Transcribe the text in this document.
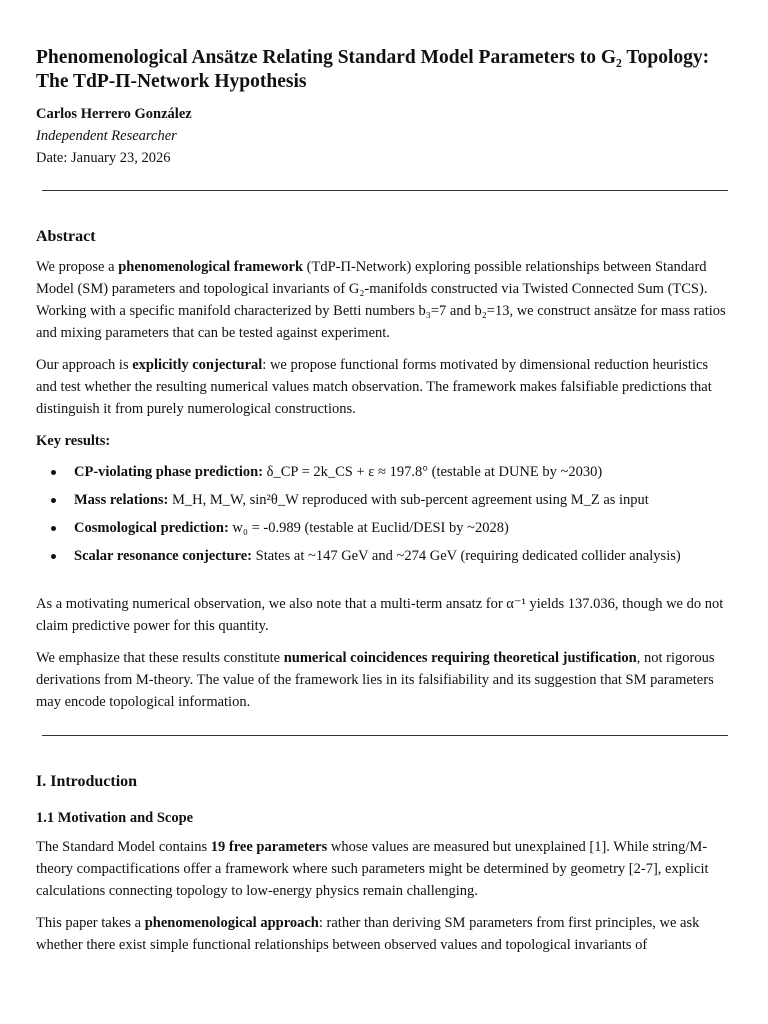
Phenomenological Ansätze Relating Standard Model Parameters to G₂ Topology: The TdP-Π-Network Hypothesis
Carlos Herrero González
Independent Researcher
Date: January 23, 2026
Abstract

We propose a phenomenological framework (TdP-Π-Network) exploring possible relationships between Standard Model (SM) parameters and topological invariants of G₂-manifolds constructed via Twisted Connected Sum (TCS). Working with a specific manifold characterized by Betti numbers b₃=7 and b₂=13, we construct ansätze for mass ratios and mixing parameters that can be tested against experiment.

Our approach is explicitly conjectural: we propose functional forms motivated by dimensional reduction heuristics and test whether the resulting numerical values match observation. The framework makes falsifiable predictions that distinguish it from purely numerological constructions.

Key results:

CP-violating phase prediction: δ_CP = 2k_CS + ε ≈ 197.8° (testable at DUNE by ~2030)
Mass relations: M_H, M_W, sin²θ_W reproduced with sub-percent agreement using M_Z as input
Cosmological prediction: w₀ = -0.989 (testable at Euclid/DESI by ~2028)
Scalar resonance conjecture: States at ~147 GeV and ~274 GeV (requiring dedicated collider analysis)

As a motivating numerical observation, we also note that a multi-term ansatz for α⁻¹ yields 137.036, though we do not claim predictive power for this quantity.

We emphasize that these results constitute numerical coincidences requiring theoretical justification, not rigorous derivations from M-theory. The value of the framework lies in its falsifiability and its suggestion that SM parameters may encode topological information.

I. Introduction
1.1 Motivation and Scope

The Standard Model contains 19 free parameters whose values are measured but unexplained [1]. While string/M-theory compactifications offer a framework where such parameters might be determined by geometry [2-7], explicit calculations connecting topology to low-energy physics remain challenging.

This paper takes a phenomenological approach: rather than deriving SM parameters from first principles, we ask whether there exist simple functional relationships between observed values and topological invariants of
